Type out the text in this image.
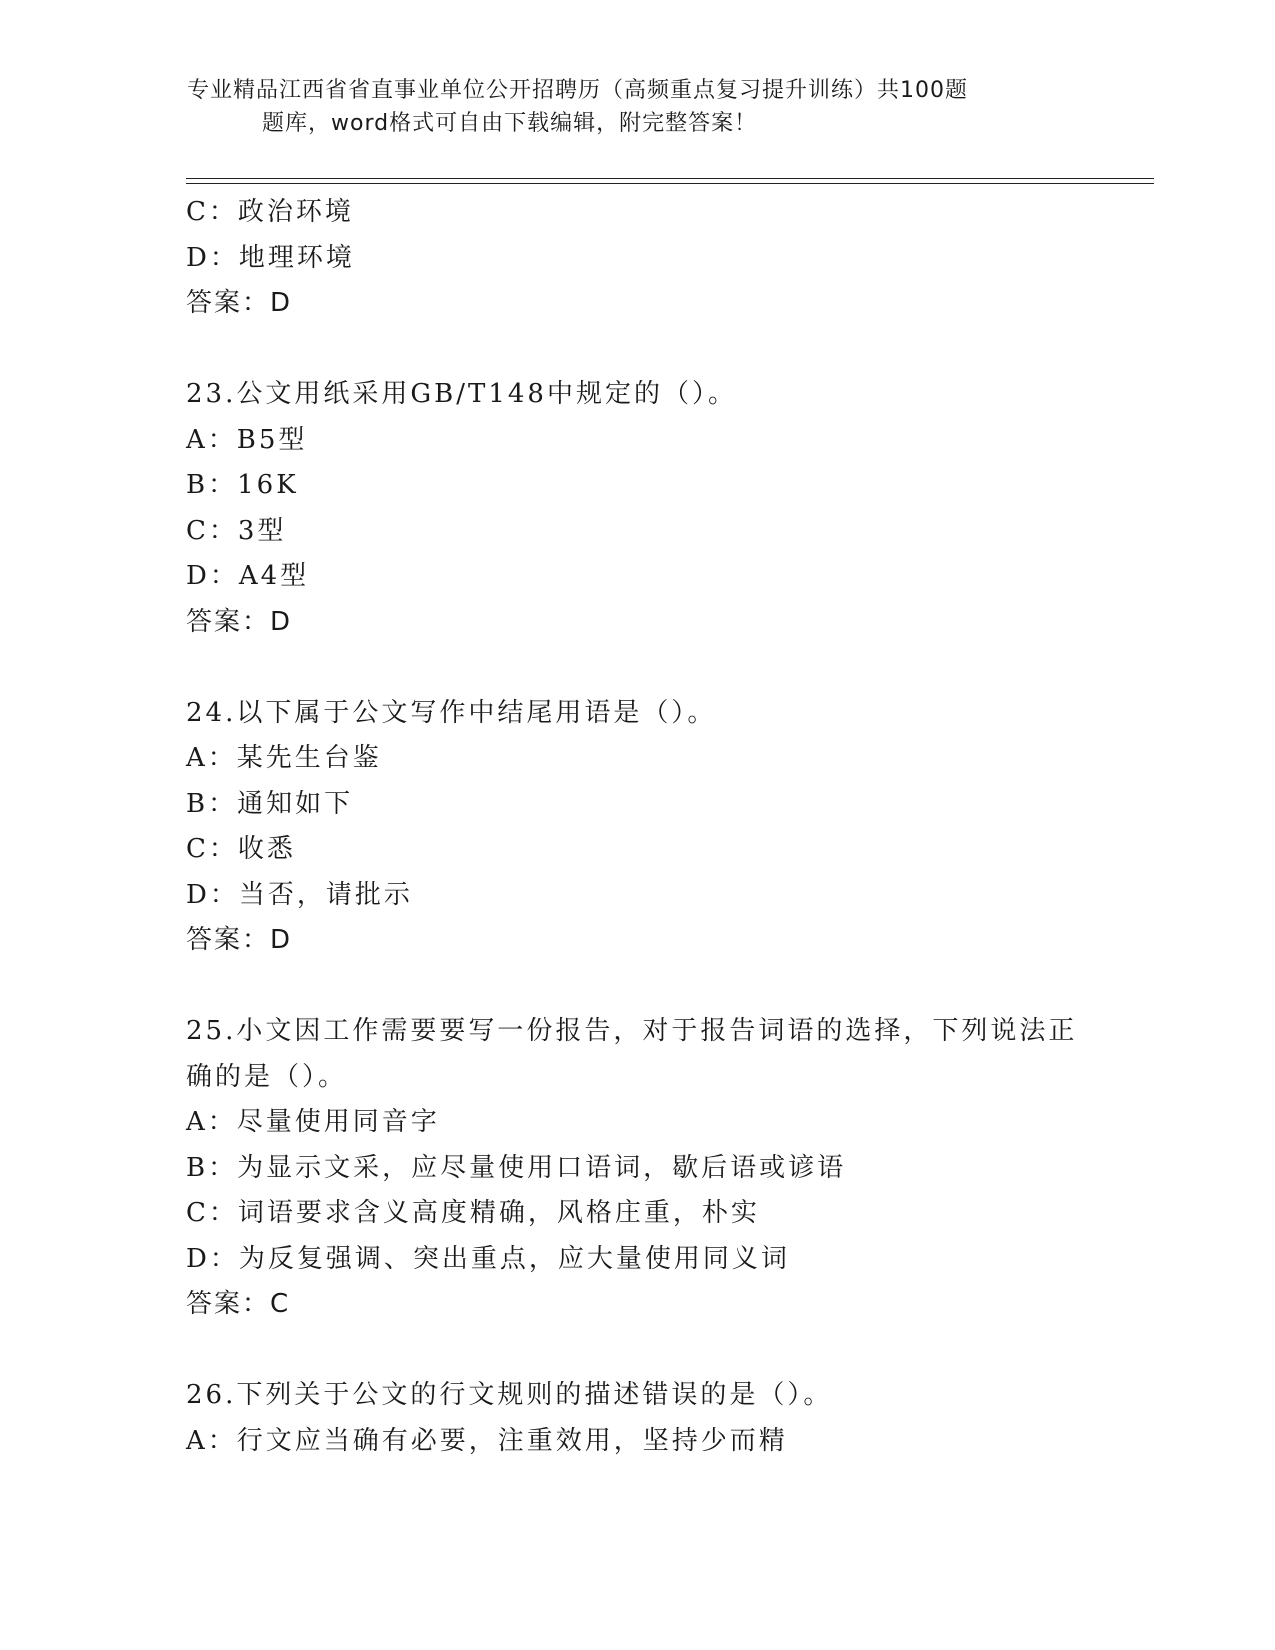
专业精品江西省省直事业单位公开招聘历（高频重点复习提升训练）共100题
题库，word格式可自由下载编辑，附完整答案！
C：政治环境
D：地理环境
答案：D
23.公文用纸采用GB/T148中规定的（）。
A：B5型
B：16K
C：3型
D：A4型
答案：D
24.以下属于公文写作中结尾用语是（）。
A：某先生台鉴
B：通知如下
C：收悉
D：当否，请批示
答案：D
25.小文因工作需要要写一份报告，对于报告词语的选择，下列说法正
确的是（）。
A：尽量使用同音字
B：为显示文采，应尽量使用口语词，歇后语或谚语
C：词语要求含义高度精确，风格庄重，朴实
D：为反复强调、突出重点，应大量使用同义词
答案：C
26.下列关于公文的行文规则的描述错误的是（）。
A：行文应当确有必要，注重效用，坚持少而精
